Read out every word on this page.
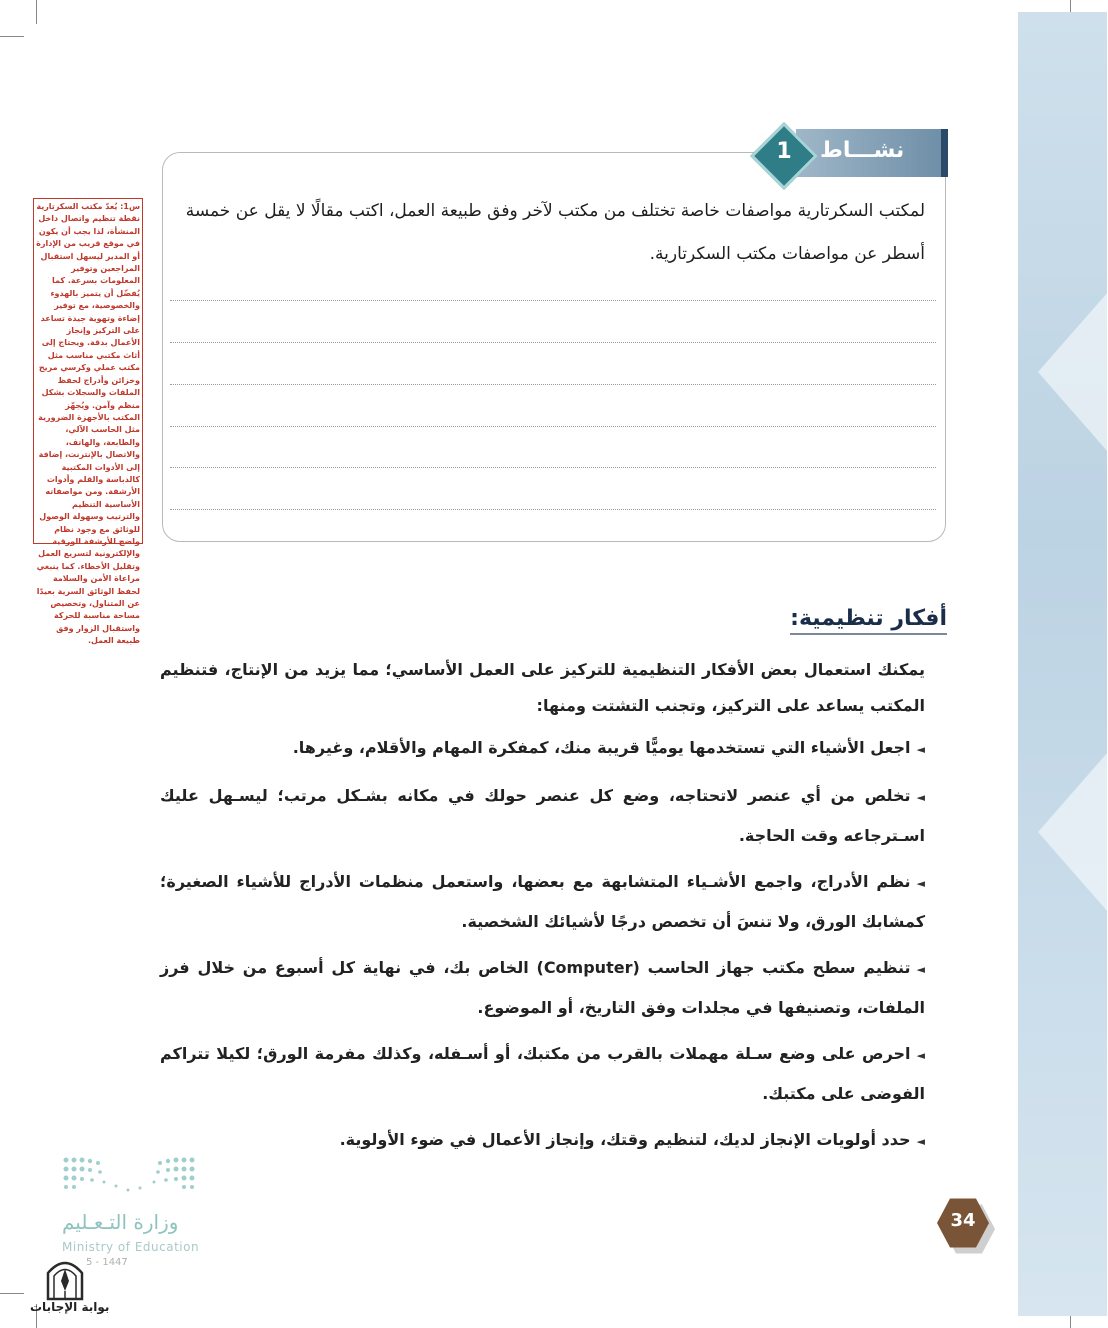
نشـــاط
1
لمكتب السكرتارية مواصفات خاصة تختلف من مكتب لآخر وفق طبيعة العمل، اكتب مقالًا لا يقل عن خمسة
أسطر عن مواصفات مكتب السكرتارية.
س1: يُعدّ مكتب السكرتارية نقطة تنظيم واتصال داخل المنشأة، لذا يجب أن يكون في موقع قريب من الإدارة أو المدير ليسهل استقبال المراجعين وتوفير المعلومات بسرعة. كما يُفضّل أن يتميز بالهدوء والخصوصية، مع توفير إضاءة وتهوية جيدة تساعد على التركيز وإنجاز الأعمال بدقة. ويحتاج إلى أثاث مكتبي مناسب مثل مكتب عملي وكرسي مريح وخزائن وأدراج لحفظ الملفات والسجلات بشكل منظم وآمن. ويُجهّز المكتب بالأجهزة الضرورية مثل الحاسب الآلي، والطابعة، والهاتف، والاتصال بالإنترنت، إضافة إلى الأدوات المكتبية كالدباسة والقلم وأدوات الأرشفة. ومن مواصفاته الأساسية التنظيم والترتيب وسهولة الوصول للوثائق مع وجود نظام واضح للأرشفة الورقية والإلكترونية لتسريع العمل وتقليل الأخطاء. كما ينبغي مراعاة الأمن والسلامة لحفظ الوثائق السرية بعيدًا عن المتناول، وتخصيص مساحة مناسبة للحركة واستقبال الزوار وفق طبيعة العمل.
أفكار تنظيمية:
يمكنك استعمال بعض الأفكار التنظيمية للتركيز على العمل الأساسي؛ مما يزيد من الإنتاج، فتنظيم المكتب يساعد على التركيز، وتجنب التشتت ومنها:
◄اجعل الأشياء التي تستخدمها يوميًّا قريبة منك، كمفكرة المهام والأقلام، وغيرها.
◄تخلص من أي عنصر لاتحتاجه، وضع كل عنصر حولك في مكانه بشـكل مرتب؛ ليسـهل عليك اسـترجاعه وقت الحاجة.
◄نظم الأدراج، واجمع الأشـياء المتشابهة مع بعضها، واستعمل منظمات الأدراج للأشياء الصغيرة؛ كمشابك الورق، ولا تنسَ أن تخصص درجًا لأشيائك الشخصية.
◄تنظيم سطح مكتب جهاز الحاسب (Computer) الخاص بك، في نهاية كل أسبوع من خلال فرز الملفات، وتصنيفها في مجلدات وفق التاريخ، أو الموضوع.
◄احرص على وضع سـلة مهملات بالقرب من مكتبك، أو أسـفله، وكذلك مفرمة الورق؛ لكيلا تتراكم الفوضى على مكتبك.
◄حدد أولويات الإنجاز لديك، لتنظيم وقتك، وإنجاز الأعمال في ضوء الأولوية.
34
وزارة التـعـليم
Ministry of Education
5 - 1447
بوابة الإجابات
